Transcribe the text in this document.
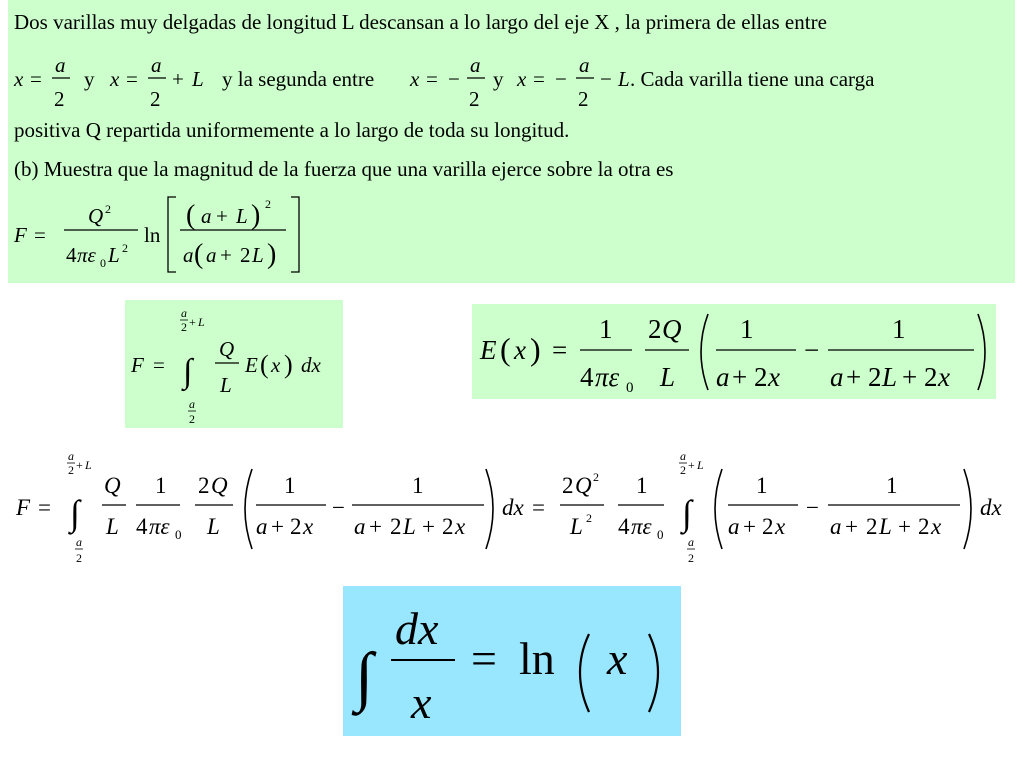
Dos varillas muy delgadas de longitud L descansan a lo largo del eje X , la primera de ellas entre
x =
a
2
y x =
a
2
+ L y la segunda entre x = −
a
2
y x = −
a
2
− L . Cada varilla tiene una carga
positiva Q repartida uniformemente a lo largo de toda su longitud.
(b) Muestra que la magnitud de la fuerza que una varilla ejerce sobre la otra es
F =
Q 2
4 πε 0 L 2
ln
( a + L ) 2
a ( a + 2 L )
F =
a
2 + L
∫
a
2
Q
L
E ( x ) dx	E ( x ) =
1
4 πε 0
2 Q
L
1
a + 2 x
−
1
a + 2 L + 2 x
F =
a
2 + L
∫
a
2
Q
L
1
4 πε 0
2 Q
L
1
a + 2 x
−
1
a + 2 L + 2 x
dx =
2 Q 2
L 2
1
4 πε 0
a
2 + L
∫
a
2
1
a + 2 x
−
1
a + 2 L + 2 x
dx
∫
dx
x
= ln x
